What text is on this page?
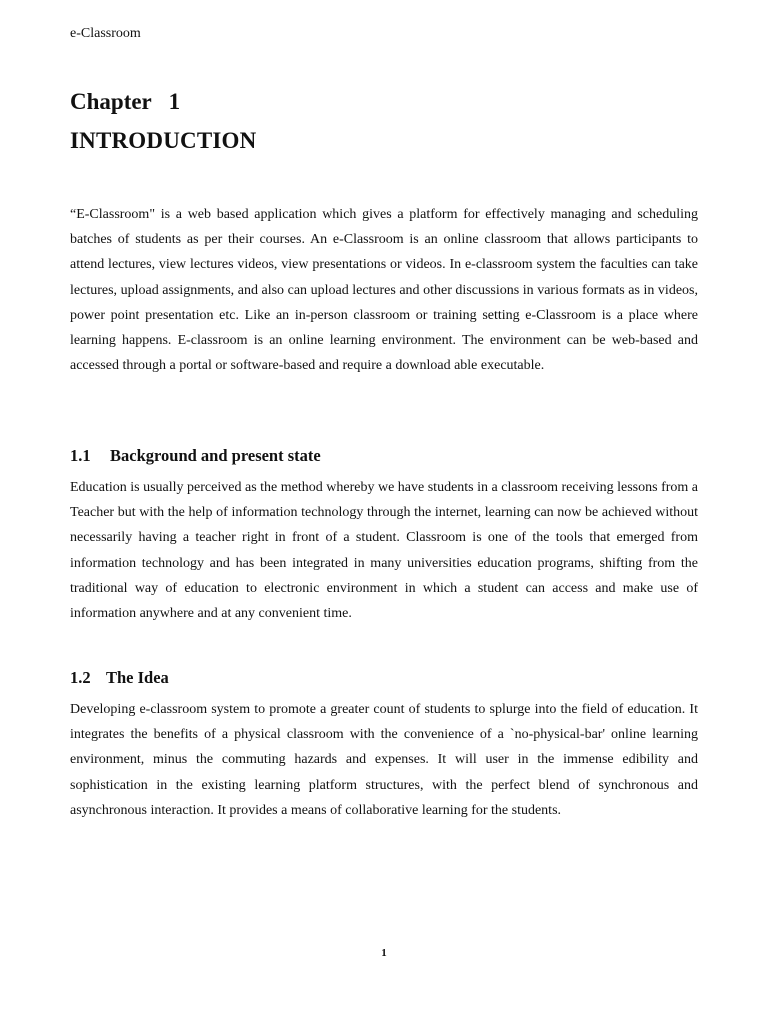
e-Classroom
Chapter   1
INTRODUCTION

“E-Classroom" is a web based application which gives a platform for effectively managing and scheduling batches of students as per their courses. An e-Classroom is an online classroom that allows participants to attend lectures, view lectures videos, view presentations or videos. In e-classroom system the faculties can take lectures, upload assignments, and also can upload lectures and other discussions in various formats as in videos, power point presentation etc. Like an in-person classroom or training setting e-Classroom is a place where learning happens. E-classroom is an online learning environment. The environment can be web-based and accessed through a portal or software-based and require a download able executable.

1.1 Background and present state

Education is usually perceived as the method whereby we have students in a classroom receiving lessons from a Teacher but with the help of information technology through the internet, learning can now be achieved without necessarily having a teacher right in front of a student. Classroom is one of the tools that emerged from information technology and has been integrated in many universities education programs, shifting from the traditional way of education to electronic environment in which a student can access and make use of information anywhere and at any convenient time.

1.2 The Idea

Developing e-classroom system to promote a greater count of students to splurge into the field of education. It integrates the benefits of a physical classroom with the convenience of a `no-physical-bar' online learning environment, minus the commuting hazards and expenses. It will user in the immense edibility and sophistication in the existing learning platform structures, with the perfect blend of synchronous and asynchronous interaction. It provides a means of collaborative learning for the students.

1
